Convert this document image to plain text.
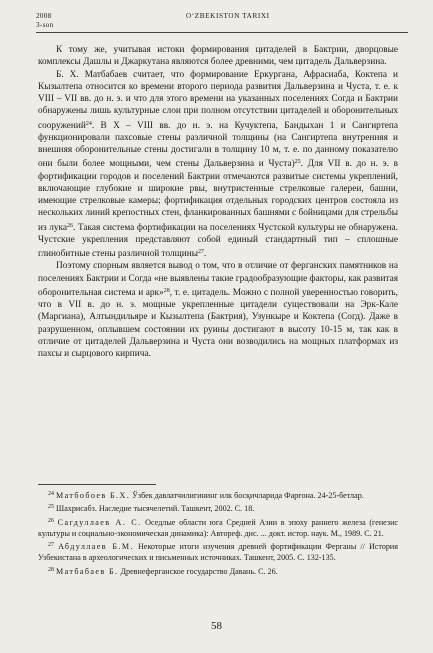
2008
3-son
O‘ZBEKISTON TARIXI

К тому же, учитывая истоки формирования цитаделей в Бактрии, дворцовые комплексы Дашлы и Джаркутана являются более древними, чем цитадель Дальверзина.

Б. Х. Матбабаев считает, что формирование Еркургана, Афрасиаба, Коктепа и Кызылтепа относится ко времени второго периода развития Дальверзина и Чуста, т. е. к VIII – VII вв. до н. э. и что для этого времени на указанных поселениях Согда и Бактрии обнаружены лишь культурные слои при полном отсутствии цитаделей и оборонительных сооружений$^{24}$. В X – VIII вв. до н. э. на Кучуктепа, Бандыхан 1 и Сангиртепа функционировали пахсовые стены различной толщины (на Сангиртепа внутренняя и внешняя оборонительные стены достигали в толщину 10 м, т. е. по данному показателю они были более мощными, чем стены Дальверзина и Чуста)$^{25}$. Для VII в. до н. э. в фортификации городов и поселений Бактрии отмечаются развитые системы укреплений, включающие глубокие и широкие рвы, внутристенные стрелковые галереи, башни, имеющие стрелковые камеры; фортификация отдельных городских центров состояла из нескольких линий крепостных стен, фланкированных башнями с бойницами для стрельбы из лука$^{26}$. Такая система фортификации на поселениях Чустской культуры не обнаружена. Чустские укрепления представляют собой единый стандартный тип – сплошные глинобитные стены различной толщины$^{27}$.

Поэтому спорным является вывод о том, что в отличие от ферганских памятников на поселениях Бактрии и Согда «не выявлены такие градообразующие факторы, как развитая оборонительная система и арк»$^{28}$, т. е. цитадель. Можно с полной уверенностью говорить, что в VII в. до н. э. мощные укрепленные цитадели существовали на Эрк-Кале (Маргиана), Алтындильяре и Кызылтепа (Бактрия), Узункыре и Коктепа (Согд). Даже в разрушенном, оплывшем состоянии их руины достигают в высоту 10-15 м, так как в отличие от цитаделей Дальверзина и Чуста они возводились на мощных платформах из пахсы и сырцового кирпича.

$^{24}$ Матбобоев Б.Х. Ўзбек давлатчилигининг илк босқичларида Фарғона. 24-25-бетлар.

$^{25}$ Шахрисабз. Наследие тысячелетий. Ташкент, 2002. С. 18.

$^{26}$ Сагдуллаев А. С. Оседлые области юга Средней Азии в эпоху раннего железа (генезис культуры и социально-экономическая динамика): Автореф. дис. ... докт. истор. наук. М., 1989. С. 21.

$^{27}$ Абдуллаев Б.М. Некоторые итоги изучения древней фортификации Ферганы // История Узбекистана в археологических и письменных источниках. Ташкент, 2005. С. 132-135.

$^{28}$ Матбабаев Б. Древнеферганское государство Давань. С. 26.

58
